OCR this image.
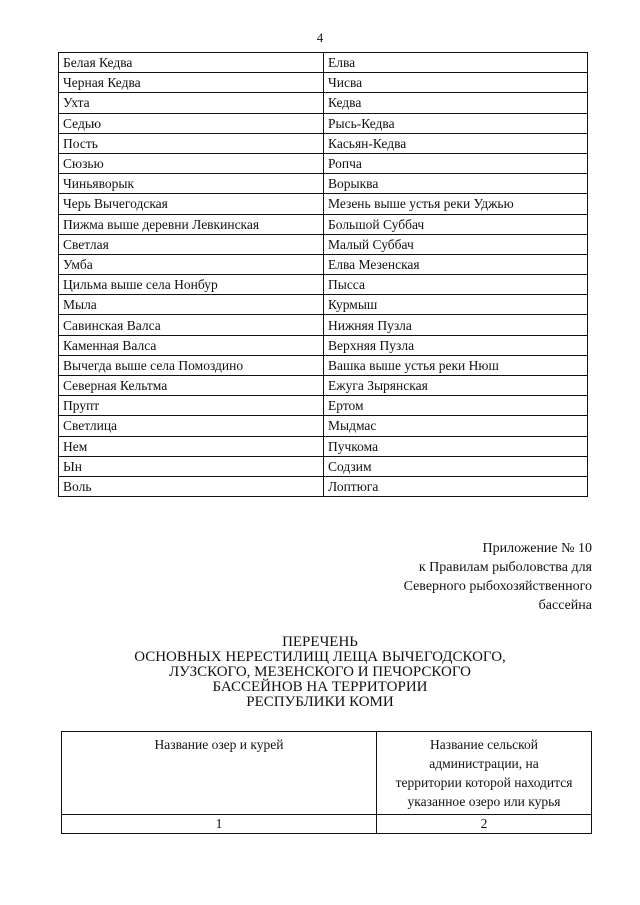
4
Белая Кедва	Елва
Черная Кедва	Чисва
Ухта	Кедва
Седью	Рысь-Кедва
Пость	Касьян-Кедва
Сюзью	Ропча
Чиньяворык	Ворыква
Черь Вычегодская	Мезень выше устья реки Уджью
Пижма выше деревни Левкинская	Большой Суббач
Светлая	Малый Суббач
Умба	Елва Мезенская
Цильма выше села Нонбур	Пысса
Мыла	Курмыш
Савинская Валса	Нижняя Пузла
Каменная Валса	Верхняя Пузла
Вычегда выше села Помоздино	Вашка выше устья реки Нюш
Северная Кельтма	Ежуга Зырянская
Прупт	Ертом
Светлица	Мыдмас
Нем	Пучкома
Ын	Содзим
Воль	Лоптюга
Приложение № 10
к Правилам рыболовства для
Северного рыбохозяйственного
бассейна
ПЕРЕЧЕНЬ
ОСНОВНЫХ НЕРЕСТИЛИЩ ЛЕЩА ВЫЧЕГОДСКОГО,
ЛУЗСКОГО, МЕЗЕНСКОГО И ПЕЧОРСКОГО
БАССЕЙНОВ НА ТЕРРИТОРИИ
РЕСПУБЛИКИ КОМИ
Название озер и курей	Название сельской
администрации, на
территории которой находится
указанное озеро или курья

1	2
